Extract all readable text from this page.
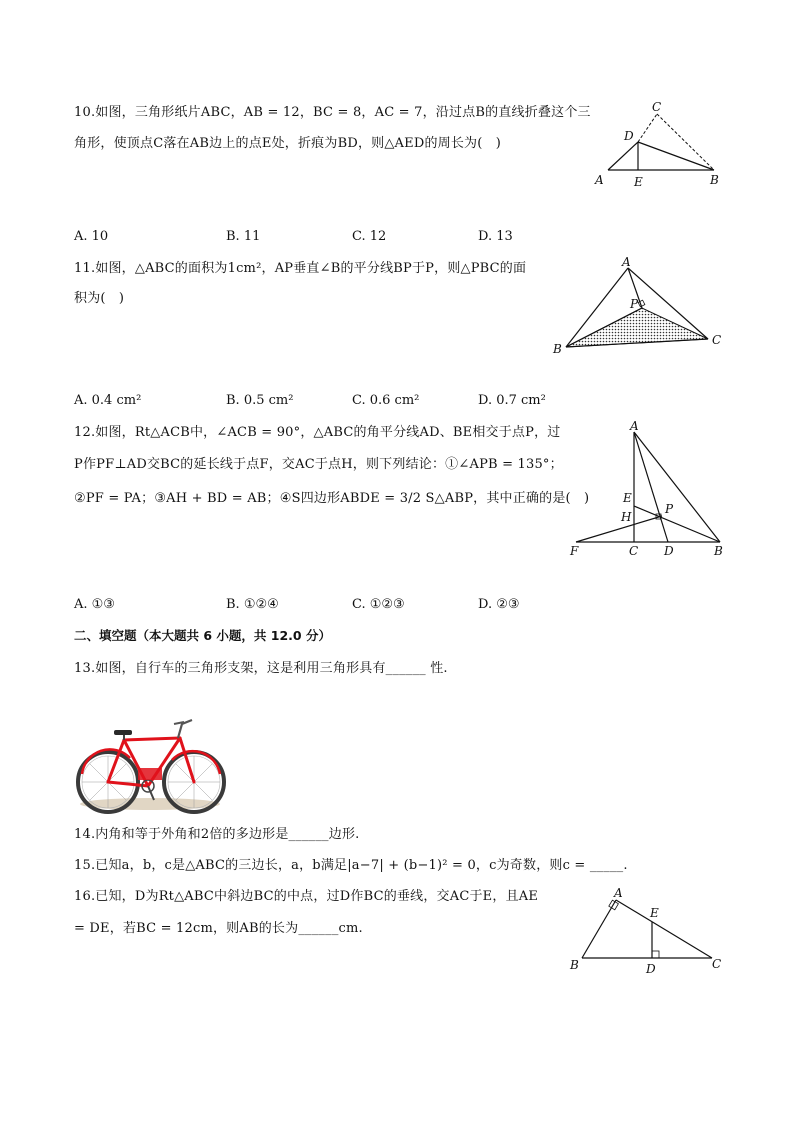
10.如图，三角形纸片ABC，AB = 12，BC = 8，AC = 7，沿过点B的直线折叠这个三
角形，使顶点C落在AB边上的点E处，折痕为BD，则△AED的周长为(　)
C
D
A	E	B
A. 10	B. 11	C. 12	D. 13
11.如图，△ABC的面积为1cm²，AP垂直∠B的平分线BP于P，则△PBC的面
积为(　)
A
P
B
C
A. 0.4 cm²	B. 0.5 cm²	C. 0.6 cm²	D. 0.7 cm²
12.如图，Rt△ACB中，∠ACB = 90°，△ABC的角平分线AD、BE相交于点P，过
P作PF⊥AD交BC的延长线于点F，交AC于点H，则下列结论：①∠APB = 135°；
②PF = PA；③AH + BD = AB；④S四边形ABDE = 3/2 S△ABP，其中正确的是(　)
A
E
H
P
F	C D	B
A. ①③	B. ①②④	C. ①②③	D. ②③
二、填空题（本大题共 6 小题，共 12.0 分）
13.如图，自行车的三角形支架，这是利用三角形具有______ 性.
14.内角和等于外角和2倍的多边形是______边形.
15.已知a，b，c是△ABC的三边长，a，b满足|a−7| + (b−1)² = 0，c为奇数，则c = _____.
16.已知，D为Rt△ABC中斜边BC的中点，过D作BC的垂线，交AC于E，且AE
= DE，若BC = 12cm，则AB的长为______cm.
A
E
B	D	C
